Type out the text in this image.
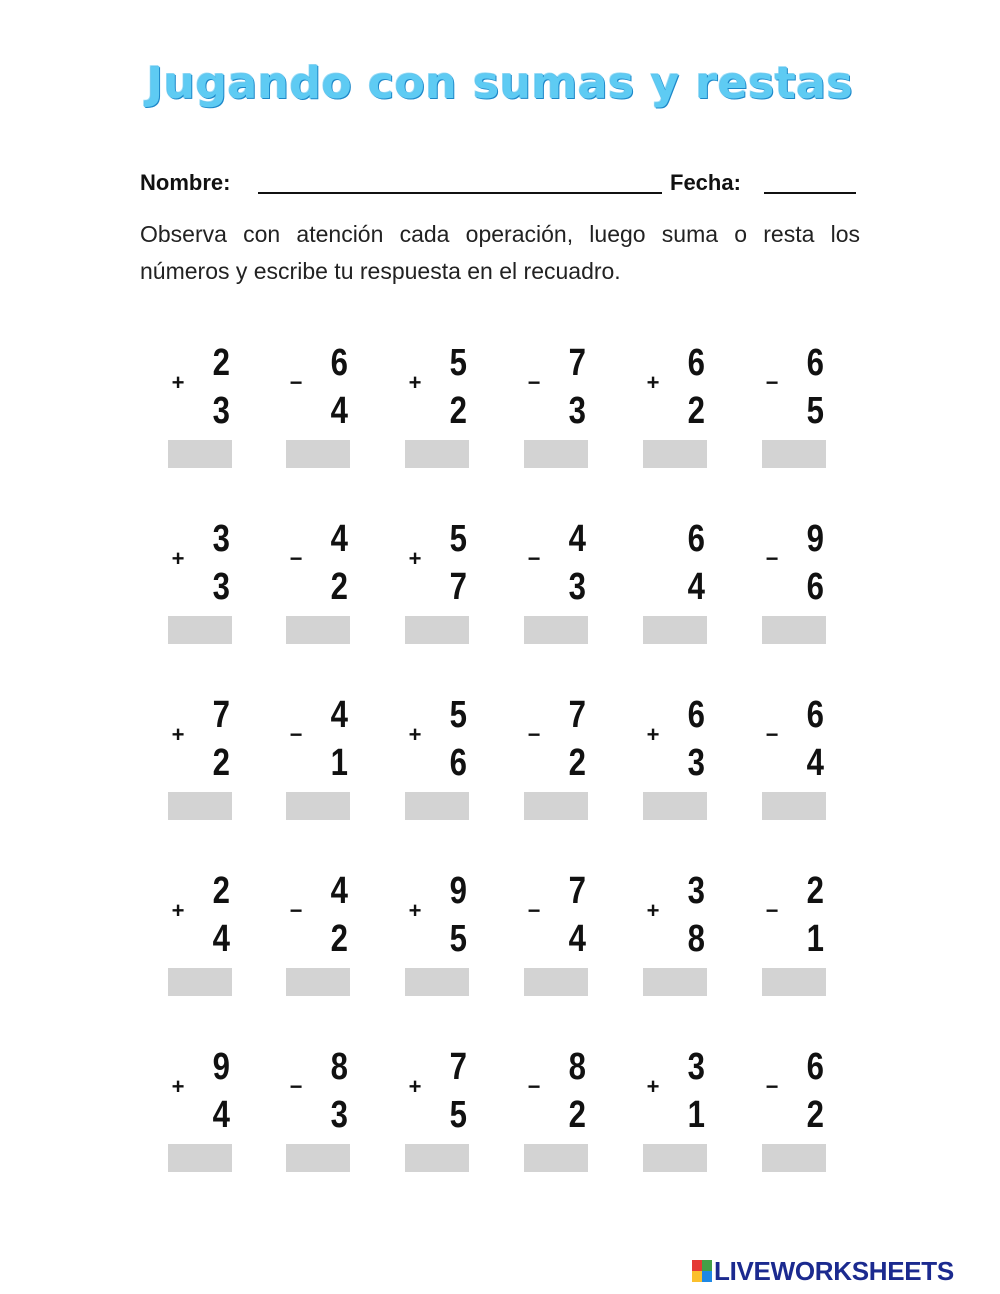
Jugando con sumas y restas
Nombre:	Fecha:
Observa con atención cada operación, luego suma o resta los números y escribe tu respuesta en el recuadro.
+ 2
3
− 6
4
+ 5
2
− 7
3
+ 6
2
− 6
5
+ 3
3
− 4
2
+ 5
7
− 4
3
6
4
− 9
6
+ 7
2
− 4
1
+ 5
6
− 7
2
+ 6
3
− 6
4
+ 2
4
− 4
2
+ 9
5
− 7
4
+ 3
8
− 2
1
+ 9
4
− 8
3
+ 7
5
− 8
2
+ 3
1
− 6
2
LIVEWORKSHEETS
